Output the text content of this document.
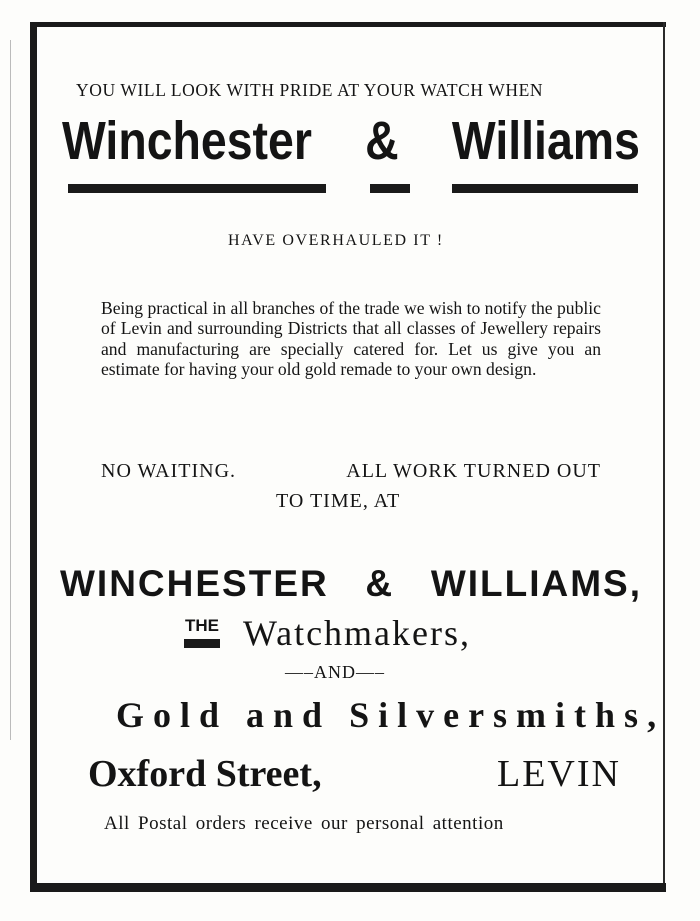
YOU WILL LOOK WITH PRIDE AT YOUR WATCH WHEN
Winchester & Williams
HAVE OVERHAULED IT !
Being practical in all branches of the trade we wish to notify the public of Levin and surrounding Districts that all classes of Jewellery repairs and manufacturing are specially catered for. Let us give you an estimate for having your old gold remade to your own design.
NO WAITING.	ALL WORK TURNED OUT
TO TIME, AT
WINCHESTER & WILLIAMS,
THE Watchmakers,
—–AND—–
Gold and Silversmiths,
Oxford Street,	LEVIN
All Postal orders receive our personal attention
